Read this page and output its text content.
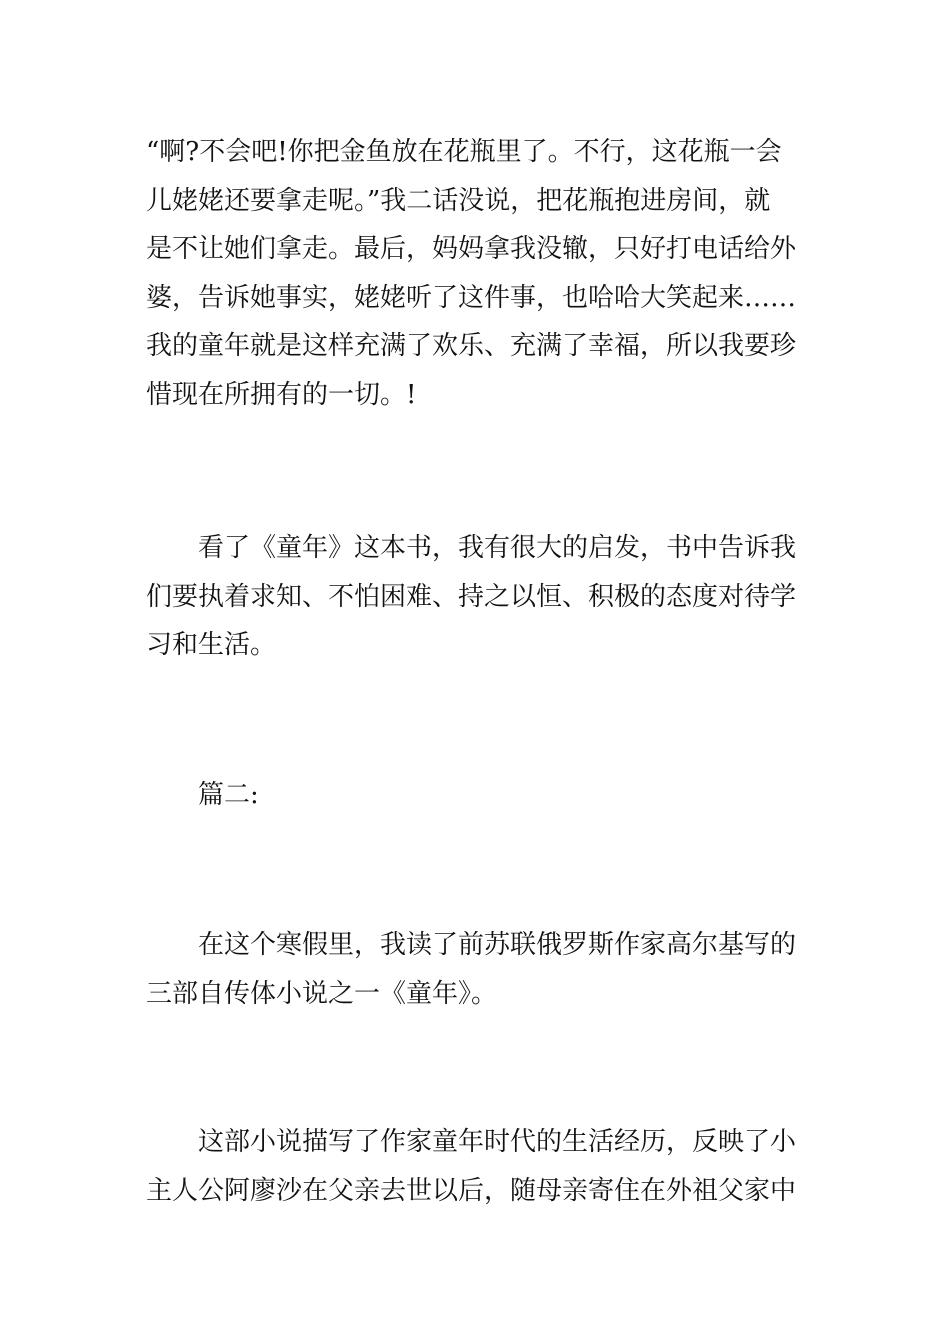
“啊?不会吧!你把金鱼放在花瓶里了。不行，这花瓶一会
儿姥姥还要拿走呢。”我二话没说，把花瓶抱进房间，就
是不让她们拿走。最后，妈妈拿我没辙，只好打电话给外
婆，告诉她事实，姥姥听了这件事，也哈哈大笑起来……
我的童年就是这样充满了欢乐、充满了幸福，所以我要珍
惜现在所拥有的一切。!
看了《童年》这本书，我有很大的启发，书中告诉我
们要执着求知、不怕困难、持之以恒、积极的态度对待学
习和生活。
篇二:
在这个寒假里，我读了前苏联俄罗斯作家高尔基写的
三部自传体小说之一《童年》。
这部小说描写了作家童年时代的生活经历，反映了小
主人公阿廖沙在父亲去世以后，随母亲寄住在外祖父家中
